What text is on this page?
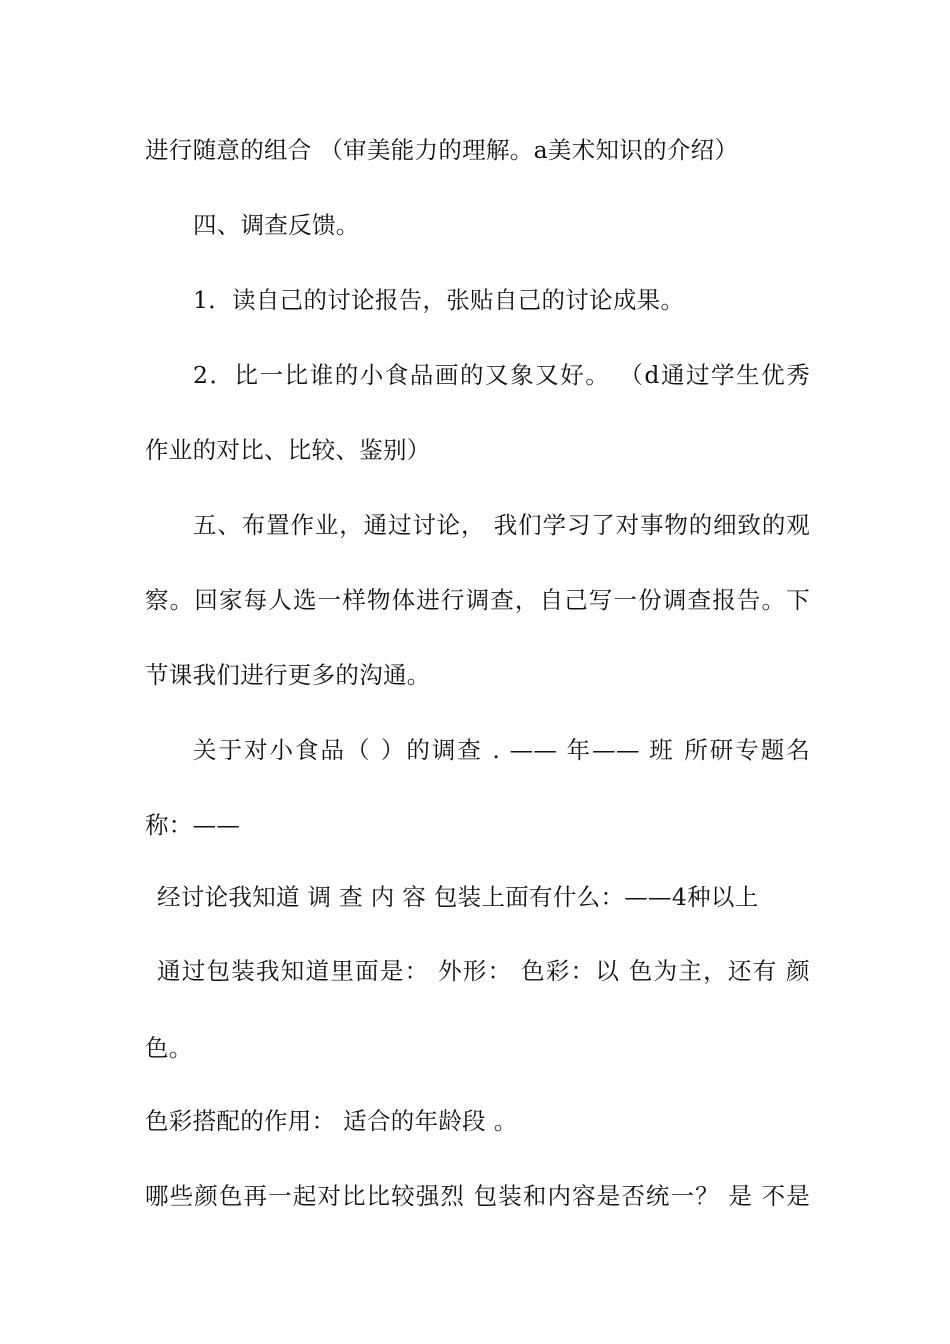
进行随意的组合 （审美能力的理解。a美术知识的介绍）
四、调查反馈。
1．读自己的讨论报告，张贴自己的讨论成果。
2．比一比谁的小食品画的又象又好。 （d通过学生优秀
作业的对比、比较、鉴别）
五、布置作业，通过讨论， 我们学习了对事物的细致的观
察。回家每人选一样物体进行调查，自己写一份调查报告。下
节课我们进行更多的沟通。
关于对小食品（ ）的调查 . —— 年—— 班 所研专题名
称：——
经讨论我知道 调 查 内 容 包装上面有什么：——4种以上
通过包装我知道里面是： 外形： 色彩：以 色为主，还有 颜
色。
色彩搭配的作用： 适合的年龄段 。
哪些颜色再一起对比比较强烈 包装和内容是否统一？ 是 不是
